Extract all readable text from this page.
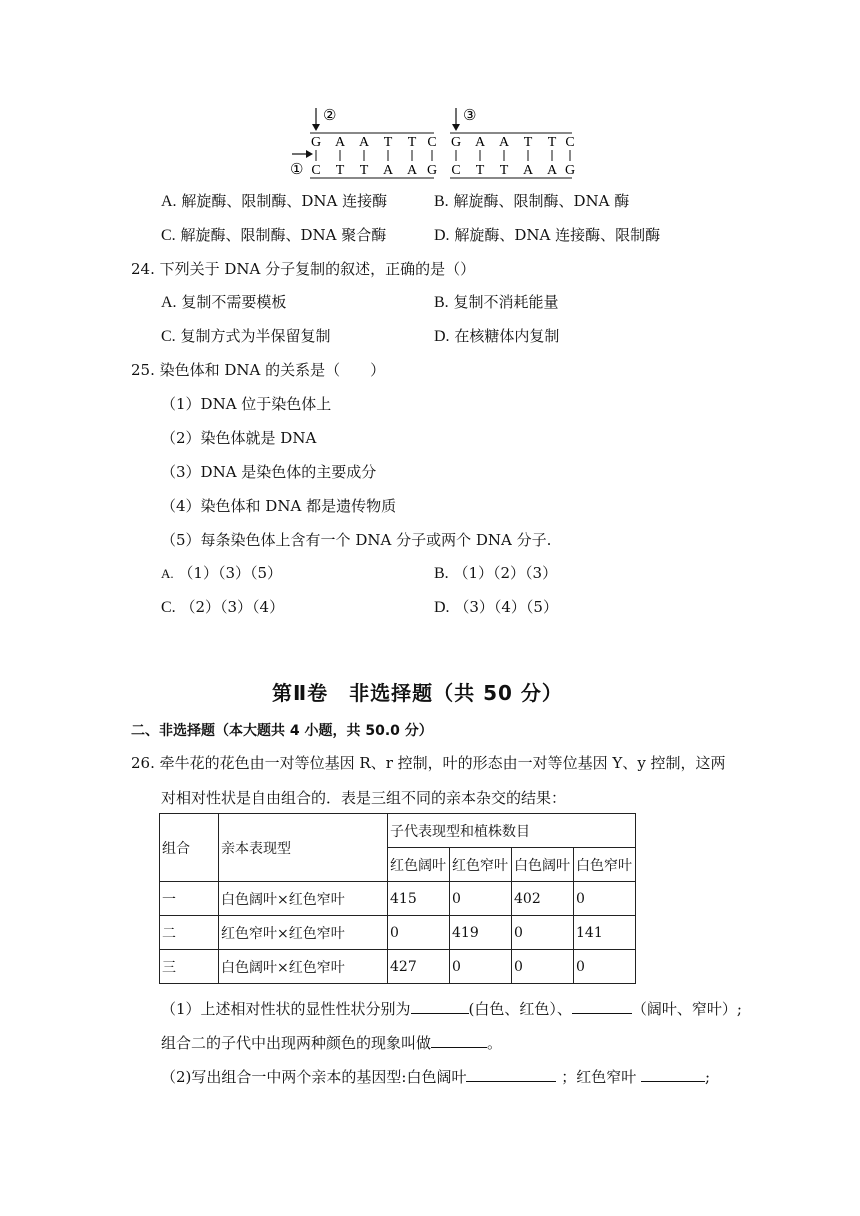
②	③
①
G A A T T C G A A T T C
C T T A A G C T T A A G
A. 解旋酶、限制酶、DNA 连接酶	B. 解旋酶、限制酶、DNA 酶
C. 解旋酶、限制酶、DNA 聚合酶	D. 解旋酶、DNA 连接酶、限制酶
24. 下列关于 DNA 分子复制的叙述，正确的是（）
A. 复制不需要模板	B. 复制不消耗能量
C. 复制方式为半保留复制	D. 在核糖体内复制
25. 染色体和 DNA 的关系是（　　）
（1）DNA 位于染色体上
（2）染色体就是 DNA
（3）DNA 是染色体的主要成分
（4）染色体和 DNA 都是遗传物质
（5）每条染色体上含有一个 DNA 分子或两个 DNA 分子.
A. （1）（3）（5）	B. （1）（2）（3）
C. （2）（3）（4）	D. （3）（4）（5）
第Ⅱ卷　非选择题（共 50 分）
二、非选择题（本大题共 4 小题，共 50.0 分）
26. 牵牛花的花色由一对等位基因 R、r 控制，叶的形态由一对等位基因 Y、y 控制，这两
对相对性状是自由组合的．表是三组不同的亲本杂交的结果：
组合	亲本表现型	子代表现型和植株数目			
		红色阔叶	红色窄叶	白色阔叶	白色窄叶
一	白色阔叶×红色窄叶	415	0	402	0
二	红色窄叶×红色窄叶	0	419	0	141
三	白色阔叶×红色窄叶	427	0	0	0
（1）上述相对性状的显性性状分别为	(白色、红色）、	（阔叶、窄叶）;
组合二的子代中出现两种颜色的现象叫做	。
（2)写出组合一中两个亲本的基因型:白色阔叶	；红色窄叶	;
